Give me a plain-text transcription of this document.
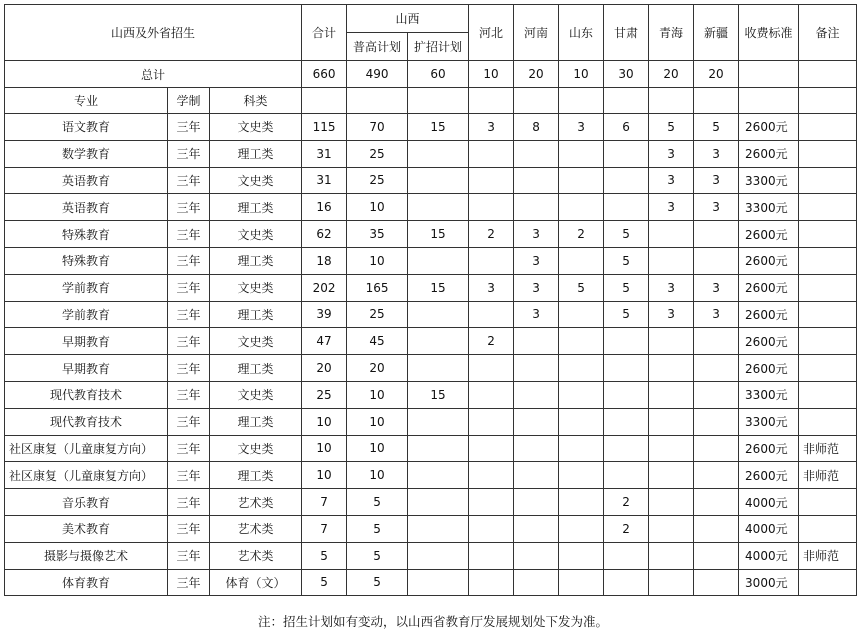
山西及外省招生			合计	山西		河北	河南	山东	甘肃	青海	新疆	收费标准	备注
				普高计划	扩招计划								
总计			660	490	60	10	20	10	30	20	20		
专业	学制	科类											
语文教育	三年	文史类	115	70	15	3	8	3	6	5	5	2600元	
数学教育	三年	理工类	31	25						3	3	2600元	
英语教育	三年	文史类	31	25						3	3	3300元	
英语教育	三年	理工类	16	10						3	3	3300元	
特殊教育	三年	文史类	62	35	15	2	3	2	5			2600元	
特殊教育	三年	理工类	18	10			3		5			2600元	
学前教育	三年	文史类	202	165	15	3	3	5	5	3	3	2600元	
学前教育	三年	理工类	39	25			3		5	3	3	2600元	
早期教育	三年	文史类	47	45		2						2600元	
早期教育	三年	理工类	20	20								2600元	
现代教育技术	三年	文史类	25	10	15							3300元	
现代教育技术	三年	理工类	10	10								3300元	
社区康复（儿童康复方向）	三年	文史类	10	10								2600元	非师范
社区康复（儿童康复方向）	三年	理工类	10	10								2600元	非师范
音乐教育	三年	艺术类	7	5					2			4000元	
美术教育	三年	艺术类	7	5					2			4000元	
摄影与摄像艺术	三年	艺术类	5	5								4000元	非师范
体育教育	三年	体育（文）	5	5								3000元	
注：招生计划如有变动，以山西省教育厅发展规划处下发为准。
